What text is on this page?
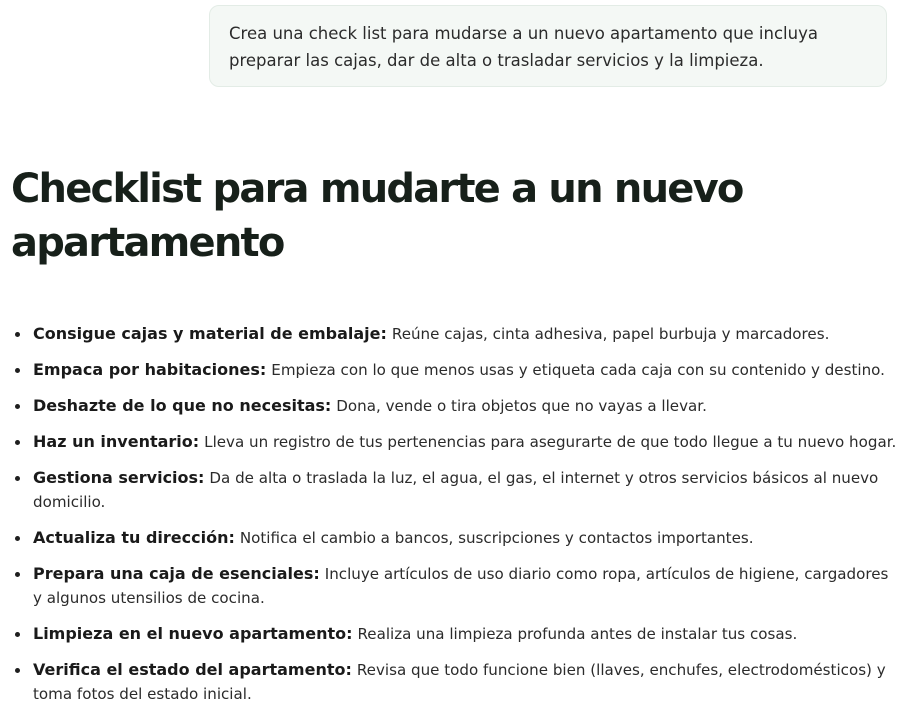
Crea una check list para mudarse a un nuevo apartamento que incluya preparar las cajas, dar de alta o trasladar servicios y la limpieza.
Checklist para mudarte a un nuevo apartamento
Consigue cajas y material de embalaje: Reúne cajas, cinta adhesiva, papel burbuja y marcadores.
Empaca por habitaciones: Empieza con lo que menos usas y etiqueta cada caja con su contenido y destino.
Deshazte de lo que no necesitas: Dona, vende o tira objetos que no vayas a llevar.
Haz un inventario: Lleva un registro de tus pertenencias para asegurarte de que todo llegue a tu nuevo hogar.
Gestiona servicios: Da de alta o traslada la luz, el agua, el gas, el internet y otros servicios básicos al nuevo domicilio.
Actualiza tu dirección: Notifica el cambio a bancos, suscripciones y contactos importantes.
Prepara una caja de esenciales: Incluye artículos de uso diario como ropa, artículos de higiene, cargadores y algunos utensilios de cocina.
Limpieza en el nuevo apartamento: Realiza una limpieza profunda antes de instalar tus cosas.
Verifica el estado del apartamento: Revisa que todo funcione bien (llaves, enchufes, electrodomésticos) y toma fotos del estado inicial.
